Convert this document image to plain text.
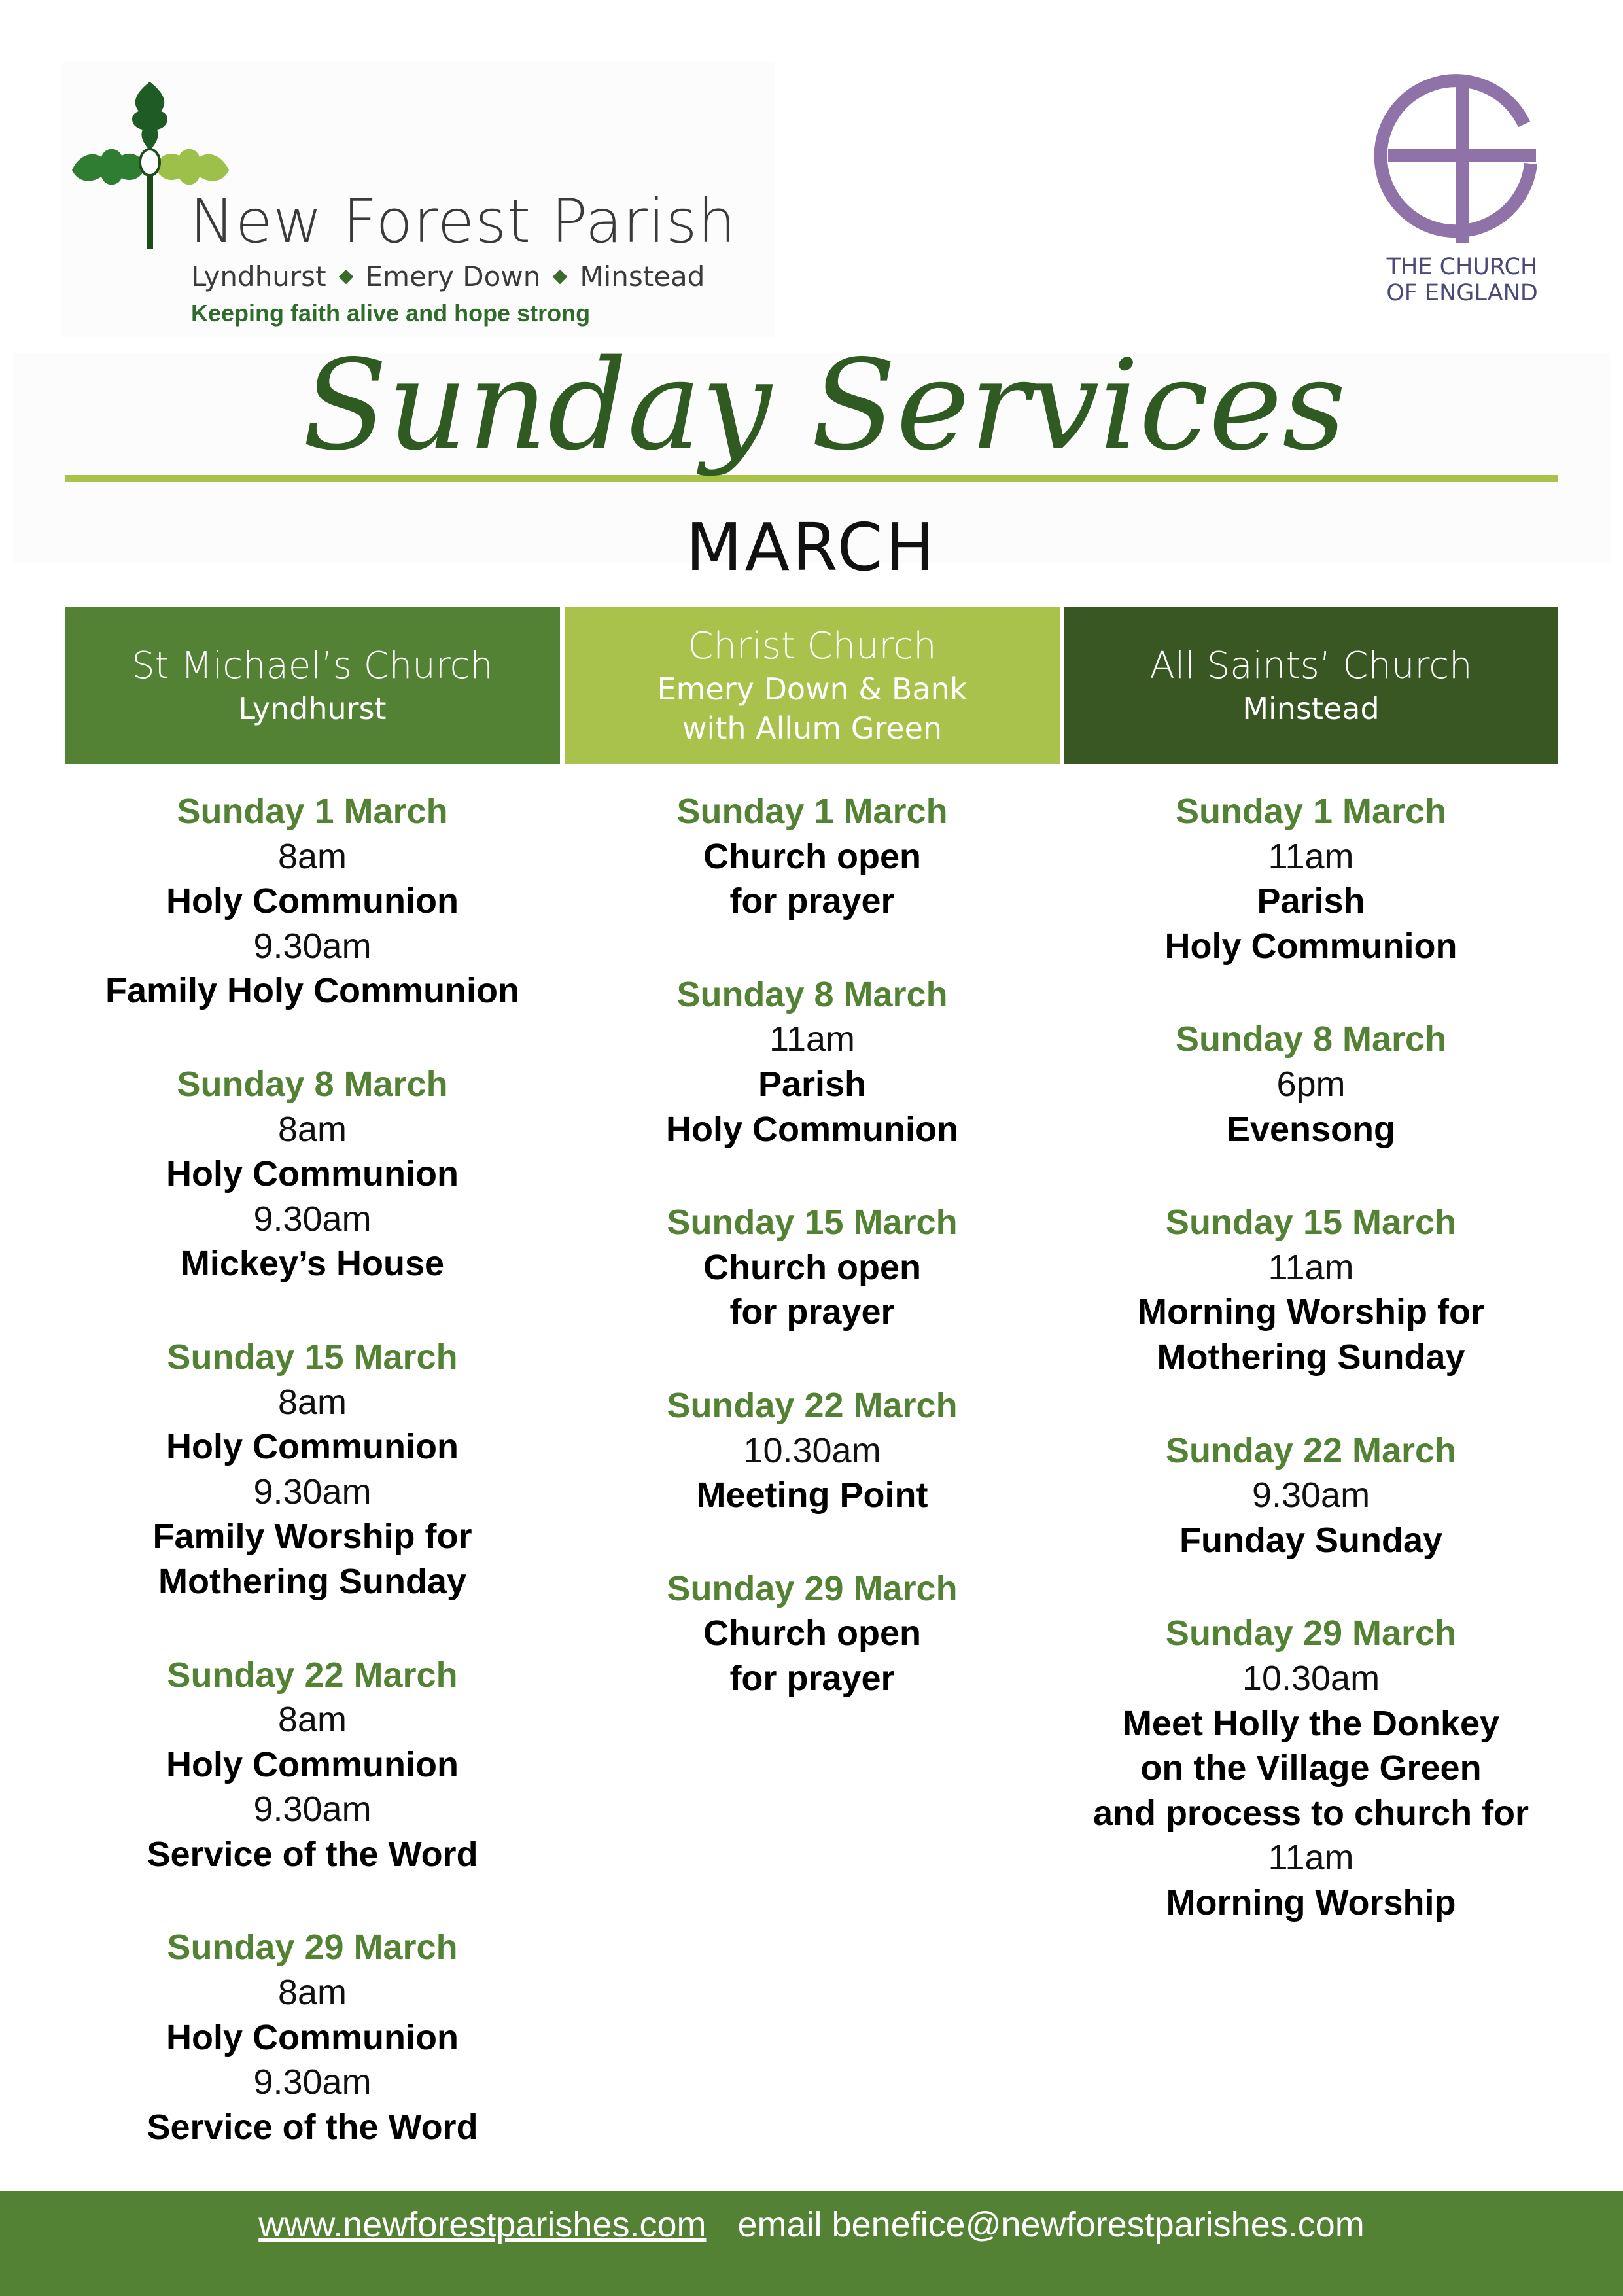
New Forest Parish
Lyndhurst Emery Down Minstead
Keeping faith alive and hope strong
THE CHURCH
OF ENGLAND
Sunday Services
MARCH
St Michael’s Church
Lyndhurst
Christ Church
Emery Down & Bank
with Allum Green
All Saints’ Church
Minstead
Sunday 1 March
8am
Holy Communion
9.30am
Family Holy Communion
Sunday 8 March
8am
Holy Communion
9.30am
Mickey’s House
Sunday 15 March
8am
Holy Communion
9.30am
Family Worship for
Mothering Sunday
Sunday 22 March
8am
Holy Communion
9.30am
Service of the Word
Sunday 29 March
8am
Holy Communion
9.30am
Service of the Word
Sunday 1 March
Church open
for prayer
Sunday 8 March
11am
Parish
Holy Communion
Sunday 15 March
Church open
for prayer
Sunday 22 March
10.30am
Meeting Point
Sunday 29 March
Church open
for prayer
Sunday 1 March
11am
Parish
Holy Communion
Sunday 8 March
6pm
Evensong
Sunday 15 March
11am
Morning Worship for
Mothering Sunday
Sunday 22 March
9.30am
Funday Sunday
Sunday 29 March
10.30am
Meet Holly the Donkey
on the Village Green
and process to church for
11am
Morning Worship
www.newforestparishes.com email benefice@newforestparishes.com
